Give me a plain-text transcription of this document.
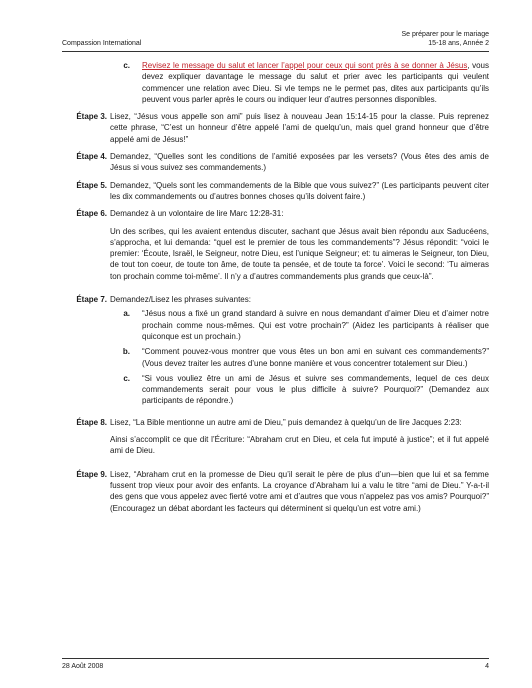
Se préparer pour le mariage
15-18 ans, Année 2
Compassion International
c.	Revisez le message du salut et lancer l’appel pour ceux qui sont près à se donner à Jésus, vous devez expliquer davantage le message du salut et prier avec les participants qui veulent commencer une relation avec Dieu. Si vle temps ne le permet pas, dites aux participants qu’ils peuvent vous parler après le cours ou indiquer leur d’autres personnes disponibles.
Étape 3. Lisez, “Jésus vous appelle son ami” puis lisez à nouveau Jean 15:14-15 pour la classe. Puis reprenez cette phrase, “C’est un honneur d’être appelé l’ami de quelqu’un, mais quel grand honneur que d’être appelé ami de Jésus!”
Étape 4. Demandez, “Quelles sont les conditions de l’amitié exposées par les versets? (Vous êtes des amis de Jésus si vous suivez ses commandements.)
Étape 5. Demandez, “Quels sont les commandements de la Bible que vous suivez?” (Les participants peuvent citer les dix commandements ou d’autres bonnes choses qu’ils doivent faire.)
Étape 6. Demandez à un volontaire de lire Marc 12:28-31:
Un des scribes, qui les avaient entendus discuter, sachant que Jésus avait bien répondu aux Saducéens, s’approcha, et lui demanda: “quel est le premier de tous les commandements”? Jésus répondit: “voici le premier: ‘Écoute, Israël, le Seigneur, notre Dieu, est l’unique Seigneur; et: tu aimeras le Seigneur, ton Dieu, de tout ton coeur, de toute ton âme, de toute ta pensée, et de toute ta force’. Voici le second: ‘Tu aimeras ton prochain comme toi-même’. Il n’y a d’autres commandements plus grands que ceux-là”.
Étape 7. Demandez/Lisez les phrases suivantes:
a.	“Jésus nous a fixé un grand standard à suivre en nous demandant d’aimer Dieu et d’aimer notre prochain comme nous-mêmes. Qui est votre prochain?” (Aidez les participants à réaliser que quiconque est un prochain.)
b.	“Comment pouvez-vous montrer que vous êtes un bon ami en suivant ces commandements?” (Vous devez traiter les autres d’une bonne manière et vous concentrer totalement sur Dieu.)
c.	“Si vous vouliez être un ami de Jésus et suivre ses commandements, lequel de ces deux commandements serait pour vous le plus difficile à suivre? Pourquoi?” (Demandez aux participants de répondre.)
Étape 8. Lisez, “La Bible mentionne un autre ami de Dieu,” puis demandez à quelqu’un de lire Jacques 2:23:
Ainsi s’accomplit ce que dit l’Écriture: “Abraham crut en Dieu, et cela fut imputé à justice”; et il fut appelé ami de Dieu.
Étape 9. Lisez, “Abraham crut en la promesse de Dieu qu’il serait le père de plus d’un—bien que lui et sa femme fussent trop vieux pour avoir des enfants. La croyance d’Abraham lui a valu le titre “ami de Dieu.” Y-a-t-il des gens que vous appelez avec fierté votre ami et d’autres que vous n’appelez pas vos amis? Pourquoi?” (Encouragez un débat abordant les facteurs qui déterminent si quelqu’un est votre ami.)
28 Août 2008	4
